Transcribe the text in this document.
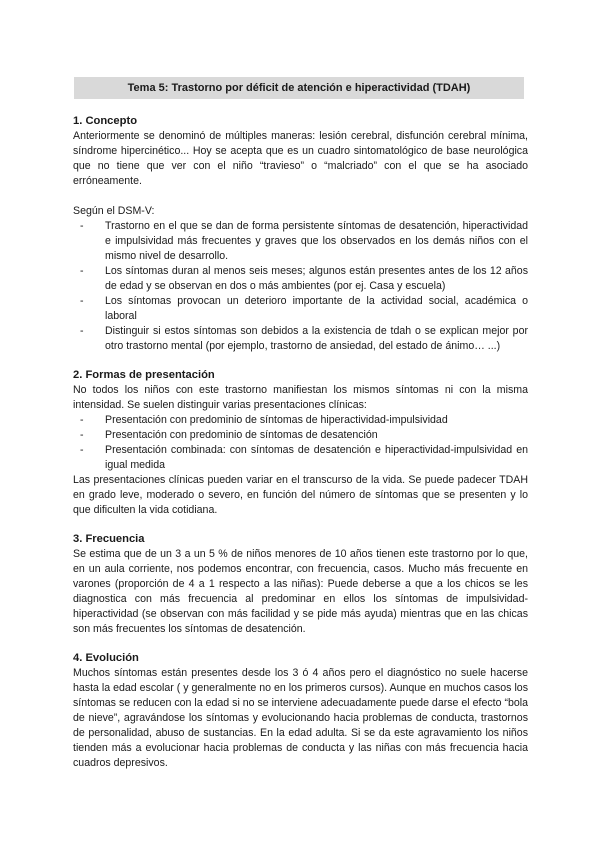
Tema 5: Trastorno por déficit de atención e hiperactividad (TDAH)
1. Concepto

Anteriormente se denominó de múltiples maneras: lesión cerebral, disfunción cerebral mínima, síndrome hipercinético... Hoy se acepta que es un cuadro sintomatológico de base neurológica que no tiene que ver con el niño “travieso” o “malcriado” con el que se ha asociado erróneamente.

Según el DSM-V:

- Trastorno en el que se dan de forma persistente síntomas de desatención, hiperactividad e impulsividad más frecuentes y graves que los observados en los demás niños con el mismo nivel de desarrollo.
- Los síntomas duran al menos seis meses; algunos están presentes antes de los 12 años de edad y se observan en dos o más ambientes (por ej. Casa y escuela)
- Los síntomas provocan un deterioro importante de la actividad social, académica o laboral
- Distinguir si estos síntomas son debidos a la existencia de tdah o se explican mejor por otro trastorno mental (por ejemplo, trastorno de ansiedad, del estado de ánimo… ...)
2. Formas de presentación

No todos los niños con este trastorno manifiestan los mismos síntomas ni con la misma intensidad. Se suelen distinguir varias presentaciones clínicas:

- Presentación con predominio de síntomas de hiperactividad-impulsividad
- Presentación con predominio de síntomas de desatención
- Presentación combinada: con síntomas de desatención e hiperactividad-impulsividad en igual medida

Las presentaciones clínicas pueden variar en el transcurso de la vida. Se puede padecer TDAH en grado leve, moderado o severo, en función del número de síntomas que se presenten y lo que dificulten la vida cotidiana.

3. Frecuencia

Se estima que de un 3 a un 5 % de niños menores de 10 años tienen este trastorno por lo que, en un aula corriente, nos podemos encontrar, con frecuencia, casos. Mucho más frecuente en varones (proporción de 4 a 1 respecto a las niñas): Puede deberse a que a los chicos se les diagnostica con más frecuencia al predominar en ellos los síntomas de impulsividad-hiperactividad (se observan con más facilidad y se pide más ayuda) mientras que en las chicas son más frecuentes los síntomas de desatención.

4. Evolución

Muchos síntomas están presentes desde los 3 ó 4 años pero el diagnóstico no suele hacerse hasta la edad escolar ( y generalmente no en los primeros cursos). Aunque en muchos casos los síntomas se reducen con la edad si no se interviene adecuadamente puede darse el efecto “bola de nieve”, agravándose los síntomas y evolucionando hacia problemas de conducta, trastornos de personalidad, abuso de sustancias. En la edad adulta. Si se da este agravamiento los niños tienden más a evolucionar hacia problemas de conducta y las niñas con más frecuencia hacia cuadros depresivos.
